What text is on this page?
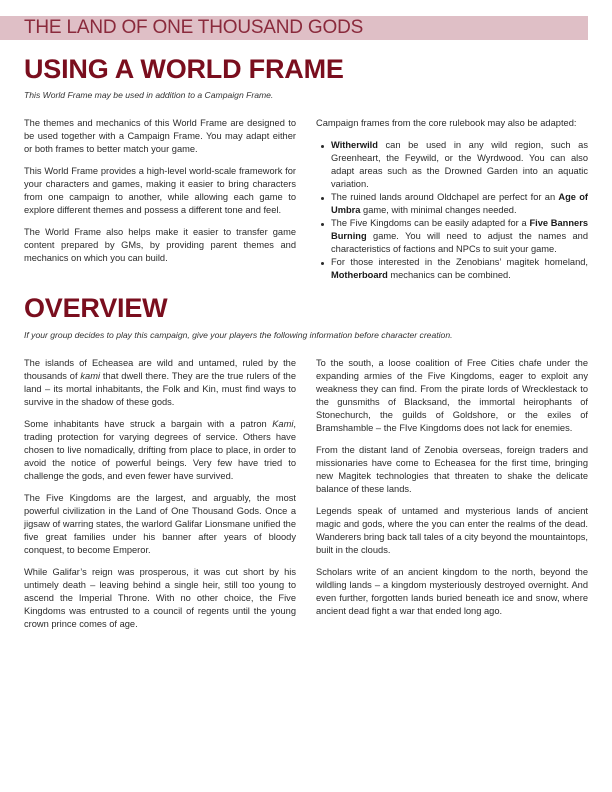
THE LAND OF ONE THOUSAND GODS
USING A WORLD FRAME
This World Frame may be used in addition to a Campaign Frame.

The themes and mechanics of this World Frame are designed to be used together with a Campaign Frame. You may adapt either or both frames to better match your game.

This World Frame provides a high-level world-scale framework for your characters and games, making it easier to bring characters from one campaign to another, while allowing each game to explore different themes and possess a different tone and feel.

The World Frame also helps make it easier to transfer game content prepared by GMs, by providing parent themes and mechanics on which you can build.

Campaign frames from the core rulebook may also be adapted:

Witherwild can be used in any wild region, such as Greenheart, the Feywild, or the Wyrdwood. You can also adapt areas such as the Drowned Garden into an aquatic variation.
The ruined lands around Oldchapel are perfect for an Age of Umbra game, with minimal changes needed.
The Five Kingdoms can be easily adapted for a Five Banners Burning game. You will need to adjust the names and characteristics of factions and NPCs to suit your game.
For those interested in the Zenobians’ magitek homeland, Motherboard mechanics can be combined.
OVERVIEW
If your group decides to play this campaign, give your players the following information before character creation.

The islands of Echeasea are wild and untamed, ruled by the thousands of kami that dwell there. They are the true rulers of the land – its mortal inhabitants, the Folk and Kin, must find ways to survive in the shadow of these gods.

Some inhabitants have struck a bargain with a patron Kami, trading protection for varying degrees of service. Others have chosen to live nomadically, drifting from place to place, in order to avoid the notice of powerful beings. Very few have tried to challenge the gods, and even fewer have survived.

The Five Kingdoms are the largest, and arguably, the most powerful civilization in the Land of One Thousand Gods. Once a jigsaw of warring states, the warlord Galifar Lionsmane unified the five great families under his banner after years of bloody conquest, to become Emperor.

While Galifar’s reign was prosperous, it was cut short by his untimely death – leaving behind a single heir, still too young to ascend the Imperial Throne. With no other choice, the Five Kingdoms was entrusted to a council of regents until the young crown prince comes of age.

To the south, a loose coalition of Free Cities chafe under the expanding armies of the Five Kingdoms, eager to exploit any weakness they can find. From the pirate lords of Wrecklestack to the gunsmiths of Blacksand, the immortal heirophants of Stonechurch, the guilds of Goldshore, or the exiles of Bramshamble – the FIve Kingdoms does not lack for enemies.

From the distant land of Zenobia overseas, foreign traders and missionaries have come to Echeasea for the first time, bringing new Magitek technologies that threaten to shake the delicate balance of these lands.

Legends speak of untamed and mysterious lands of ancient magic and gods, where the you can enter the realms of the dead. Wanderers bring back tall tales of a city beyond the mountaintops, built in the clouds.

Scholars write of an ancient kingdom to the north, beyond the wildling lands – a kingdom mysteriously destroyed overnight. And even further, forgotten lands buried beneath ice and snow, where ancient dead fight a war that ended long ago.
